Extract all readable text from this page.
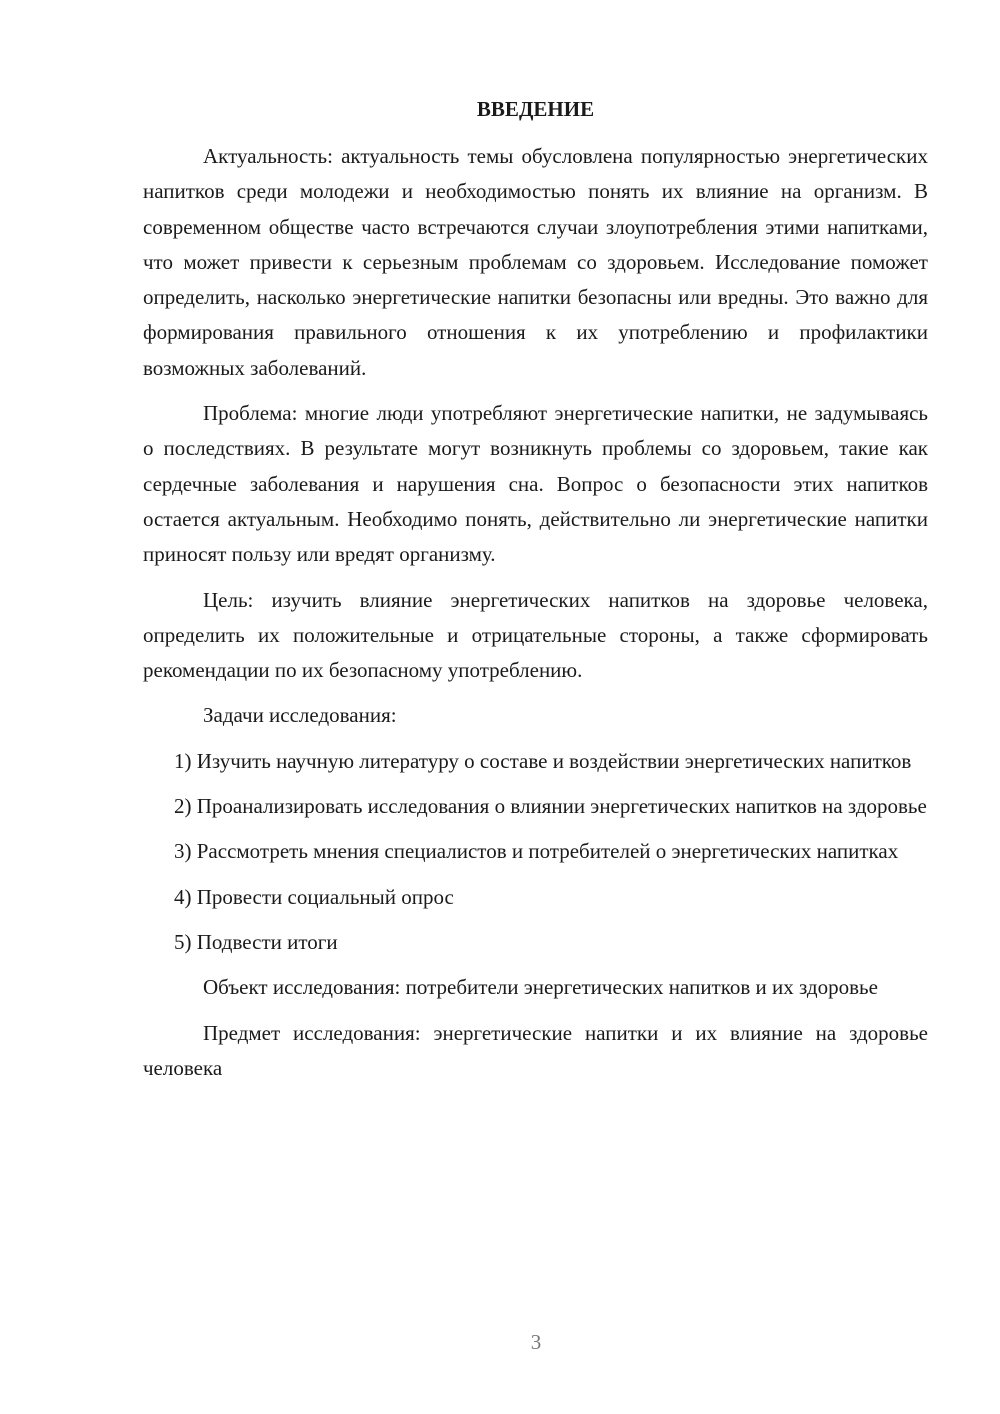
ВВЕДЕНИЕ

Актуальность: актуальность темы обусловлена популярностью энергетических напитков среди молодежи и необходимостью понять их влияние на организм. В современном обществе часто встречаются случаи злоупотребления этими напитками, что может привести к серьезным проблемам со здоровьем. Исследование поможет определить, насколько энергетические напитки безопасны или вредны. Это важно для формирования правильного отношения к их употреблению и профилактики возможных заболеваний.

Проблема: многие люди употребляют энергетические напитки, не задумываясь о последствиях. В результате могут возникнуть проблемы со здоровьем, такие как сердечные заболевания и нарушения сна. Вопрос о безопасности этих напитков остается актуальным. Необходимо понять, действительно ли энергетические напитки приносят пользу или вредят организму.

Цель: изучить влияние энергетических напитков на здоровье человека, определить их положительные и отрицательные стороны, а также сформировать рекомендации по их безопасному употреблению.

Задачи исследования:

1) Изучить научную литературу о составе и воздействии энергетических напитков

2) Проанализировать исследования о влиянии энергетических напитков на здоровье

3) Рассмотреть мнения специалистов и потребителей о энергетических напитках

4) Провести социальный опрос

5) Подвести итоги

Объект исследования: потребители энергетических напитков и их здоровье

Предмет исследования: энергетические напитки и их влияние на здоровье человека

3
